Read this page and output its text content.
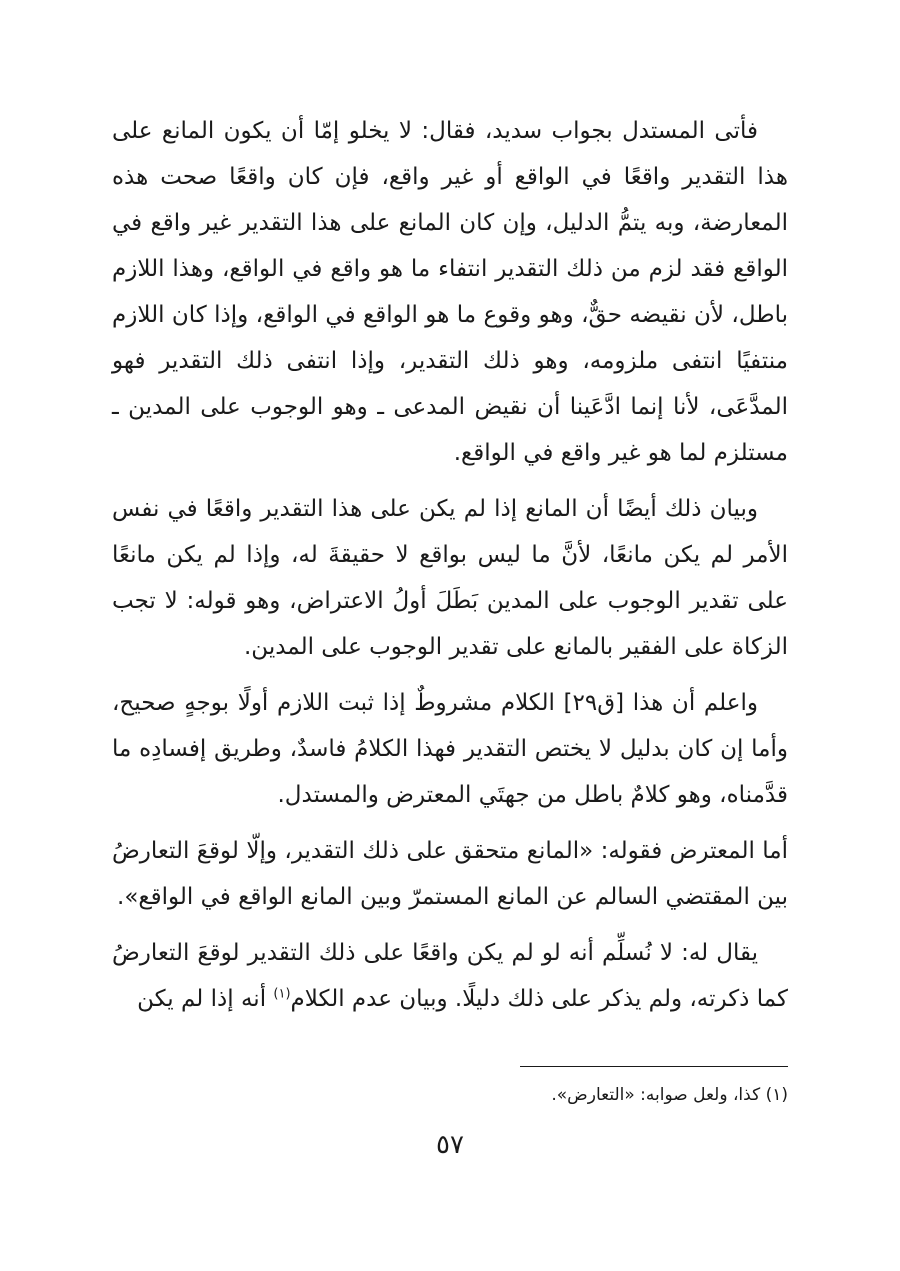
فأتى المستدل بجواب سديد، فقال: لا يخلو إمّا أن يكون المانع على هذا التقدير واقعًا في الواقع أو غير واقع، فإن كان واقعًا صحت هذه المعارضة، وبه يتمُّ الدليل، وإن كان المانع على هذا التقدير غير واقع في الواقع فقد لزم من ذلك التقدير انتفاء ما هو واقع في الواقع، وهذا اللازم باطل، لأن نقيضه حقٌّ، وهو وقوع ما هو الواقع في الواقع، وإذا كان اللازم منتفيًا انتفى ملزومه، وهو ذلك التقدير، وإذا انتفى ذلك التقدير فهو المدَّعَى، لأنا إنما ادَّعَينا أن نقيض المدعى ـ وهو الوجوب على المدين ـ مستلزم لما هو غير واقع في الواقع.

وبيان ذلك أيضًا أن المانع إذا لم يكن على هذا التقدير واقعًا في نفس الأمر لم يكن مانعًا، لأنَّ ما ليس بواقع لا حقيقةَ له، وإذا لم يكن مانعًا على تقدير الوجوب على المدين بَطَلَ أولُ الاعتراض، وهو قوله: لا تجب الزكاة على الفقير بالمانع على تقدير الوجوب على المدين.

واعلم أن هذا [ق٢٩] الكلام مشروطٌ إذا ثبت اللازم أولًا بوجهٍ صحيح، وأما إن كان بدليل لا يختص التقدير فهذا الكلامُ فاسدٌ، وطريق إفسادِه ما قدَّمناه، وهو كلامٌ باطل من جهتَي المعترض والمستدل.

أما المعترض فقوله: «المانع متحقق على ذلك التقدير، وإلّا لوقعَ التعارضُ بين المقتضي السالم عن المانع المستمرّ وبين المانع الواقع في الواقع».

يقال له: لا نُسلِّم أنه لو لم يكن واقعًا على ذلك التقدير لوقعَ التعارضُ كما ذكرته، ولم يذكر على ذلك دليلًا. وبيان عدم الكلام$^{(١)}$ أنه إذا لم يكن

(١) كذا، ولعل صوابه: «التعارض».
٥٧
